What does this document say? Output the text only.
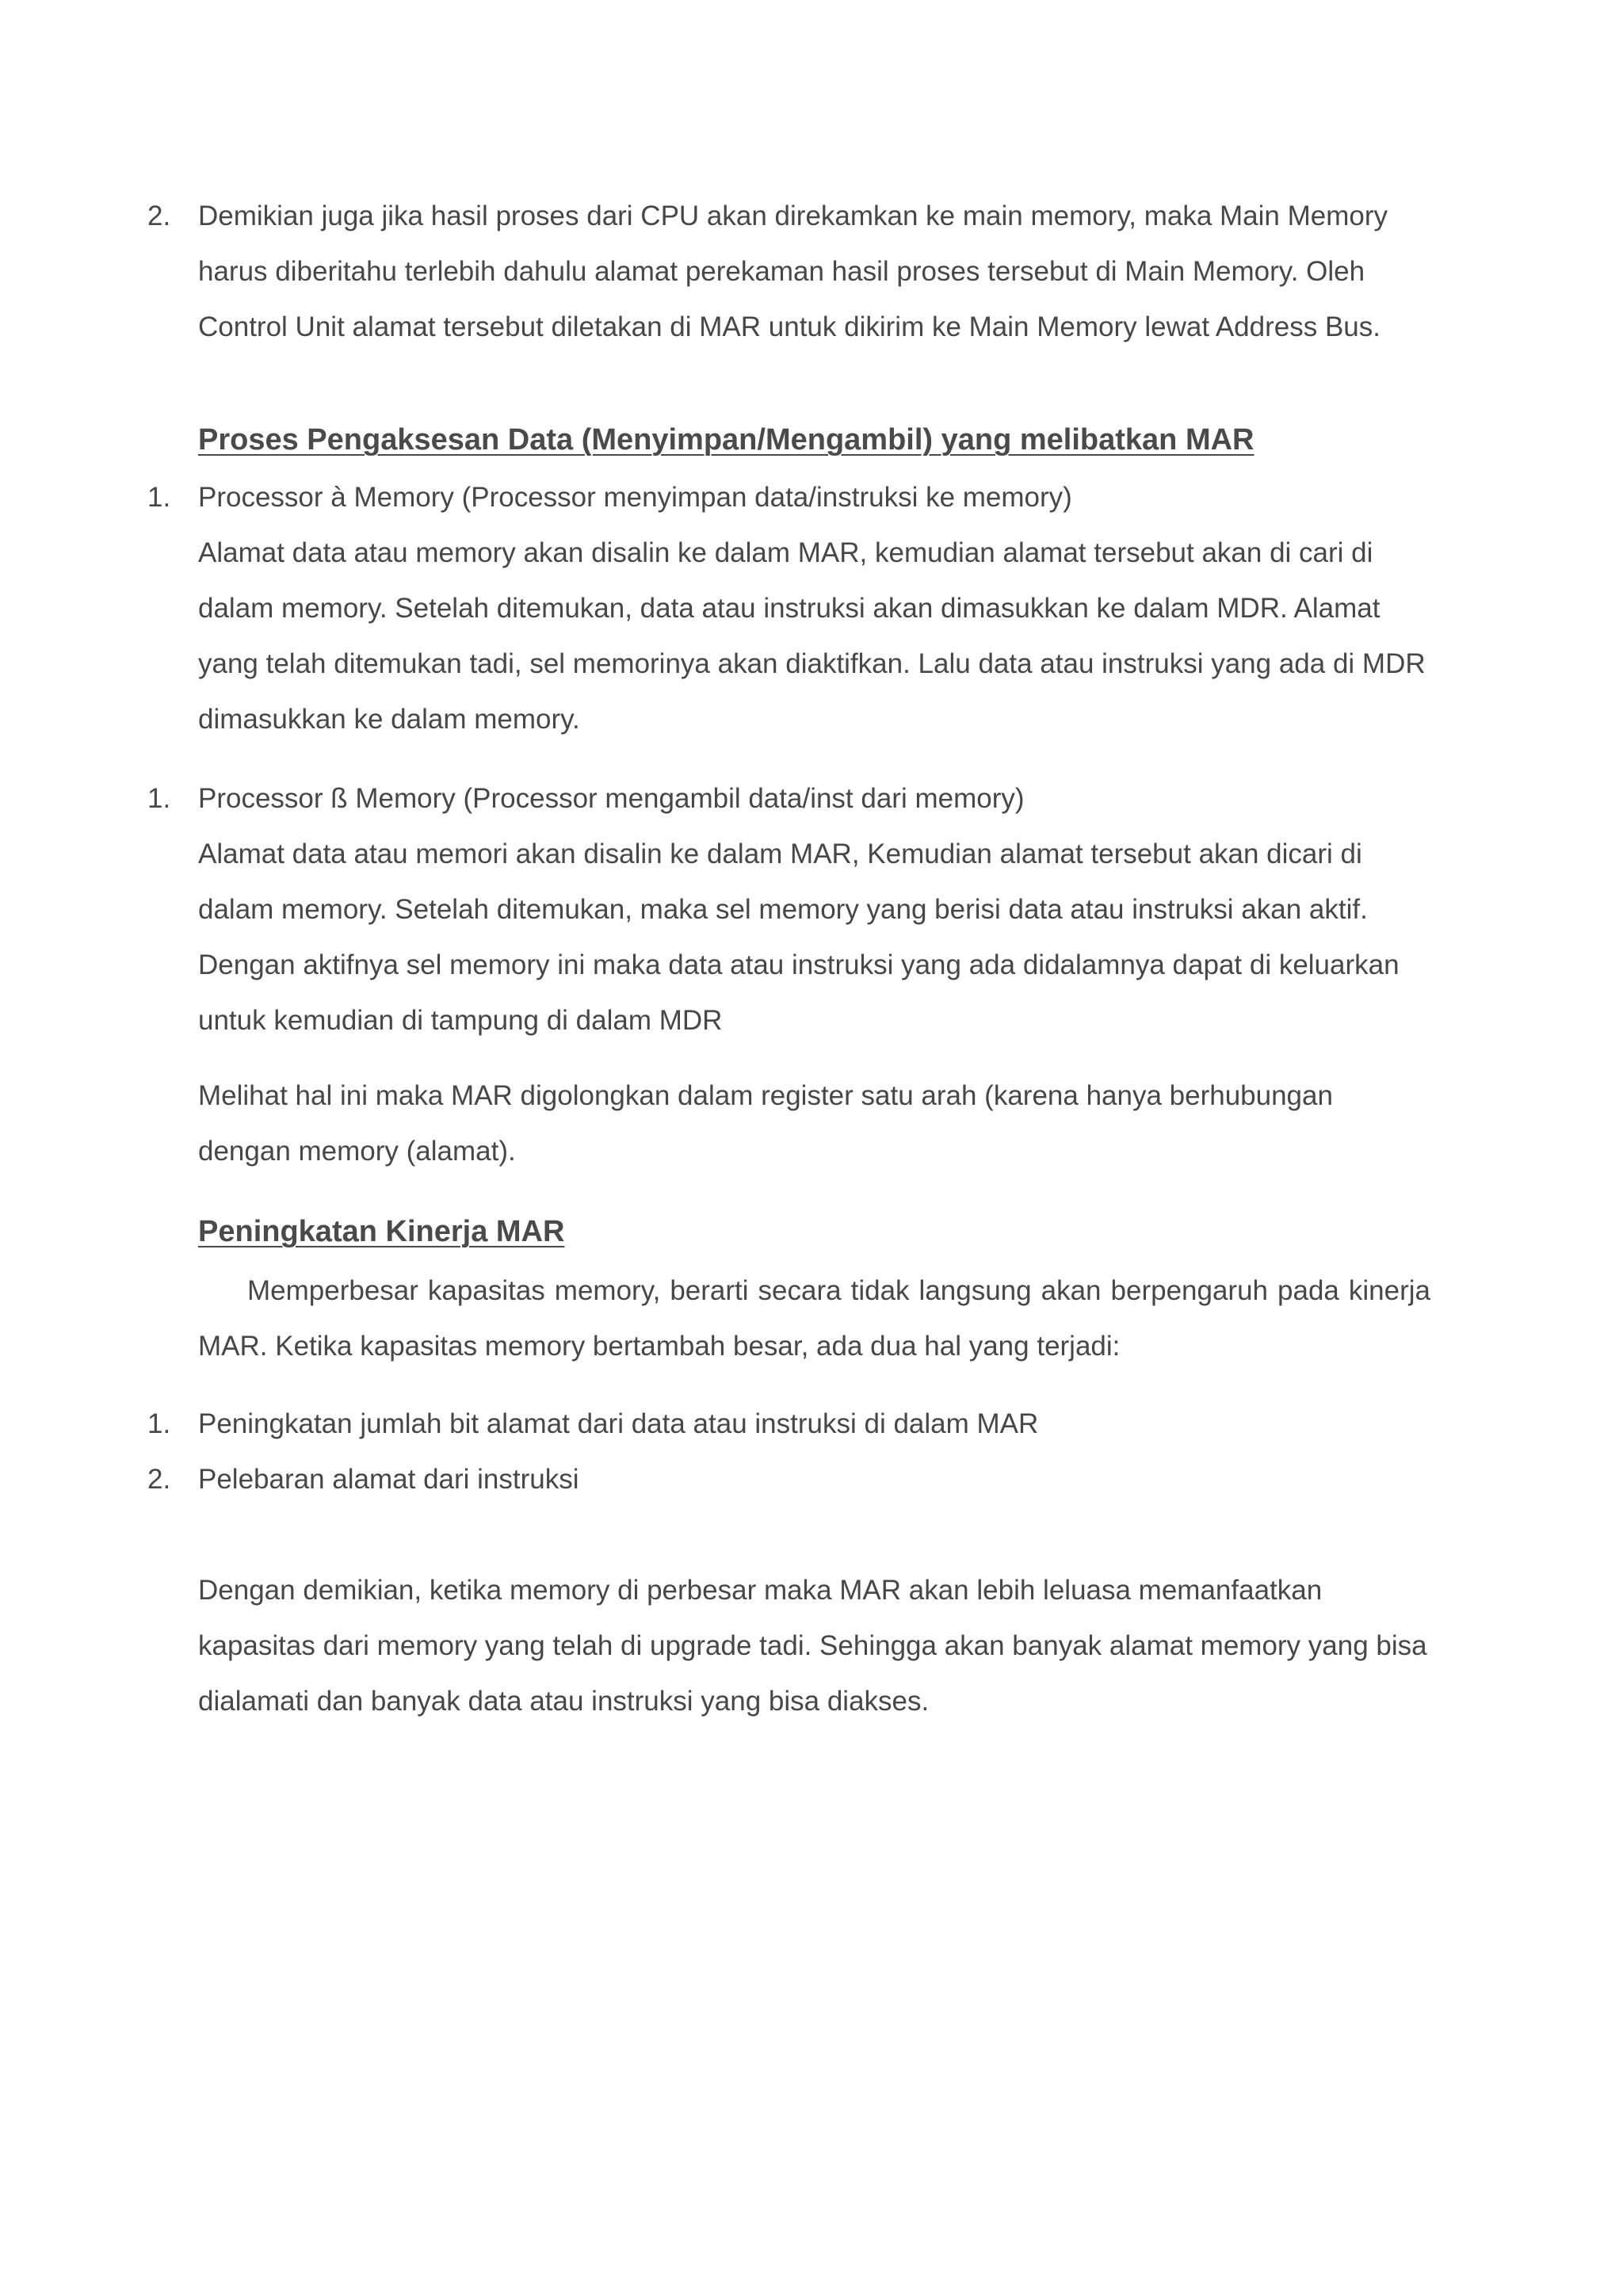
2. Demikian juga jika hasil proses dari CPU akan direkamkan ke main memory, maka Main Memory harus diberitahu terlebih dahulu alamat perekaman hasil proses tersebut di Main Memory. Oleh Control Unit alamat tersebut diletakan di MAR untuk dikirim ke Main Memory lewat Address Bus.

Proses Pengaksesan Data (Menyimpan/Mengambil) yang melibatkan MAR
1. Processor à Memory (Processor menyimpan data/instruksi ke memory)

Alamat data atau memory akan disalin ke dalam MAR, kemudian alamat tersebut akan di cari di dalam memory. Setelah ditemukan, data atau instruksi akan dimasukkan ke dalam MDR. Alamat yang telah ditemukan tadi, sel memorinya akan diaktifkan. Lalu data atau instruksi yang ada di MDR dimasukkan ke dalam memory.

1. Processor ß Memory (Processor mengambil data/inst dari memory)

Alamat data atau memori akan disalin ke dalam MAR, Kemudian alamat tersebut akan dicari di dalam memory. Setelah ditemukan, maka sel memory yang berisi data atau instruksi akan aktif. Dengan aktifnya sel memory ini maka data atau instruksi yang ada didalamnya dapat di keluarkan untuk kemudian di tampung di dalam MDR

Melihat hal ini maka MAR digolongkan dalam register satu arah (karena hanya berhubungan dengan memory (alamat).

Peningkatan Kinerja MAR

Memperbesar kapasitas memory, berarti secara tidak langsung akan berpengaruh pada kinerja MAR. Ketika kapasitas memory bertambah besar, ada dua hal yang terjadi:

1. Peningkatan jumlah bit alamat dari data atau instruksi di dalam MAR

2. Pelebaran alamat dari instruksi

Dengan demikian, ketika memory di perbesar maka MAR akan lebih leluasa memanfaatkan kapasitas dari memory yang telah di upgrade tadi. Sehingga akan banyak alamat memory yang bisa dialamati dan banyak data atau instruksi yang bisa diakses.
